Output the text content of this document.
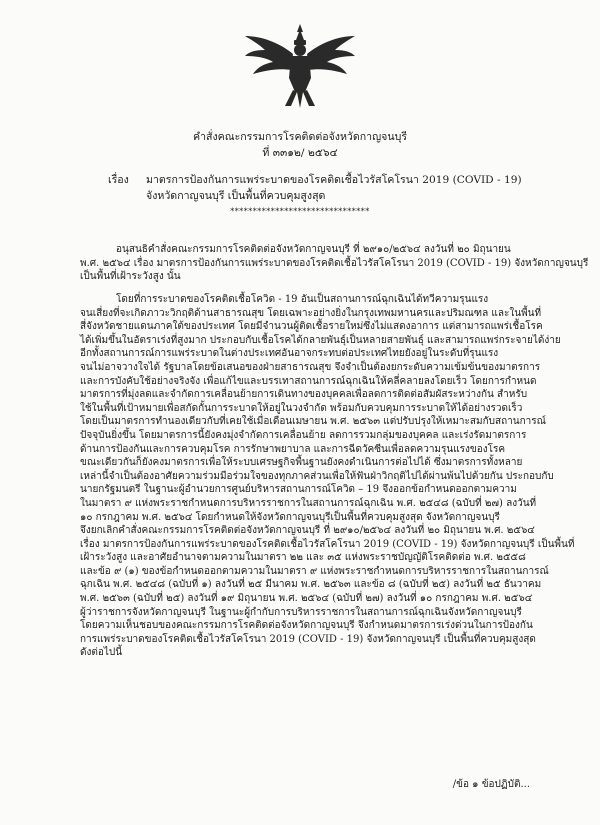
คำสั่งคณะกรรมการโรคติดต่อจังหวัดกาญจนบุรี
ที่ ๓๓๑๒/ ๒๕๖๔
เรื่อง มาตรการป้องกันการแพร่ระบาดของโรคติดเชื้อไวรัสโคโรนา 2019 (COVID - 19)
จังหวัดกาญจนบุรี เป็นพื้นที่ควบคุมสูงสุด
*******************************
อนุสนธิคำสั่งคณะกรรมการโรคติดต่อจังหวัดกาญจนบุรี ที่ ๒๙๑๐/๒๕๖๔ ลงวันที่ ๒๐ มิถุนายน
พ.ศ. ๒๕๖๔ เรื่อง มาตรการป้องกันการแพร่ระบาดของโรคติดเชื้อไวรัสโคโรนา 2019 (COVID - 19) จังหวัดกาญจนบุรี
เป็นพื้นที่เฝ้าระวังสูง นั้น
โดยที่การระบาดของโรคติดเชื้อโควิด - 19 อันเป็นสถานการณ์ฉุกเฉินได้ทวีความรุนแรง
จนเสี่ยงที่จะเกิดภาวะวิกฤติด้านสาธารณสุข โดยเฉพาะอย่างยิ่งในกรุงเทพมหานครและปริมณฑล และในพื้นที่
สี่จังหวัดชายแดนภาคใต้ของประเทศ โดยมีจำนวนผู้ติดเชื้อรายใหม่ซึ่งไม่แสดงอาการ แต่สามารถแพร่เชื้อโรค
ได้เพิ่มขึ้นในอัตราเร่งที่สูงมาก ประกอบกับเชื้อโรคได้กลายพันธุ์เป็นหลายสายพันธุ์ และสามารถแพร่กระจายได้ง่าย
อีกทั้งสถานการณ์การแพร่ระบาดในต่างประเทศอันอาจกระทบต่อประเทศไทยยังอยู่ในระดับที่รุนแรง
จนไม่อาจวางใจได้ รัฐบาลโดยข้อเสนอของฝ่ายสาธารณสุข จึงจำเป็นต้องยกระดับความเข้มข้นของมาตรการ
และการบังคับใช้อย่างจริงจัง เพื่อแก้ไขและบรรเทาสถานการณ์ฉุกเฉินให้คลี่คลายลงโดยเร็ว โดยการกำหนด
มาตรการที่มุ่งลดและจำกัดการเคลื่อนย้ายการเดินทางของบุคคลเพื่อลดการติดต่อสัมผัสระหว่างกัน สำหรับ
ใช้ในพื้นที่เป้าหมายเพื่อสกัดกั้นการระบาดให้อยู่ในวงจำกัด พร้อมกับควบคุมการระบาดให้ได้อย่างรวดเร็ว
โดยเป็นมาตรการทำนองเดียวกับที่เคยใช้เมื่อเดือนเมษายน พ.ศ. ๒๕๖๓ แต่ปรับปรุงให้เหมาะสมกับสถานการณ์
ปัจจุบันยิ่งขึ้น โดยมาตรการนี้ยังคงมุ่งจำกัดการเคลื่อนย้าย ลดการรวมกลุ่มของบุคคล และเร่งรัดมาตรการ
ด้านการป้องกันและการควบคุมโรค การรักษาพยาบาล และการฉีดวัคซีนเพื่อลดความรุนแรงของโรค
ขณะเดียวกันก็ยังคงมาตรการเพื่อให้ระบบเศรษฐกิจพื้นฐานยังคงดำเนินการต่อไปได้ ซึ่งมาตรการทั้งหลาย
เหล่านี้จำเป็นต้องอาศัยความร่วมมือร่วมใจของทุกภาคส่วนเพื่อให้ฟันฝ่าวิกฤติไปได้ผ่านพ้นไปด้วยกัน ประกอบกับ
นายกรัฐมนตรี ในฐานะผู้อำนวยการศูนย์บริหารสถานการณ์โควิด – 19 จึงออกข้อกำหนดออกตามความ
ในมาตรา ๙ แห่งพระราชกำหนดการบริหารราชการในสถานการณ์ฉุกเฉิน พ.ศ. ๒๕๔๘ (ฉบับที่ ๒๗) ลงวันที่
๑๐ กรกฎาคม พ.ศ. ๒๕๖๔ โดยกำหนดให้จังหวัดกาญจนบุรีเป็นพื้นที่ควบคุมสูงสุด จังหวัดกาญจนบุรี
จึงยกเลิกคำสั่งคณะกรรมการโรคติดต่อจังหวัดกาญจนบุรี ที่ ๒๙๑๐/๒๕๖๔ ลงวันที่ ๒๐ มิถุนายน พ.ศ. ๒๕๖๔
เรื่อง มาตรการป้องกันการแพร่ระบาดของโรคติดเชื้อไวรัสโคโรนา 2019 (COVID - 19) จังหวัดกาญจนบุรี เป็นพื้นที่
เฝ้าระวังสูง และอาศัยอำนาจตามความในมาตรา ๒๒ และ ๓๕ แห่งพระราชบัญญัติโรคติดต่อ พ.ศ. ๒๕๕๘
และข้อ ๙ (๑) ของข้อกำหนดออกตามความในมาตรา ๙ แห่งพระราชกำหนดการบริหารราชการในสถานการณ์
ฉุกเฉิน พ.ศ. ๒๕๔๘ (ฉบับที่ ๑) ลงวันที่ ๒๕ มีนาคม พ.ศ. ๒๕๖๓ และข้อ ๘ (ฉบับที่ ๒๕) ลงวันที่ ๒๕ ธันวาคม
พ.ศ. ๒๕๖๓ (ฉบับที่ ๒๕) ลงวันที่ ๑๙ มิถุนายน พ.ศ. ๒๕๖๔ (ฉบับที่ ๒๗) ลงวันที่ ๑๐ กรกฎาคม พ.ศ. ๒๕๖๔
ผู้ว่าราชการจังหวัดกาญจนบุรี ในฐานะผู้กำกับการบริหารราชการในสถานการณ์ฉุกเฉินจังหวัดกาญจนบุรี
โดยความเห็นชอบของคณะกรรมการโรคติดต่อจังหวัดกาญจนบุรี จึงกำหนดมาตรการเร่งด่วนในการป้องกัน
การแพร่ระบาดของโรคติดเชื้อไวรัสโคโรนา 2019 (COVID - 19) จังหวัดกาญจนบุรี เป็นพื้นที่ควบคุมสูงสุด
ดังต่อไปนี้
/ข้อ ๑ ข้อปฏิบัติ...
